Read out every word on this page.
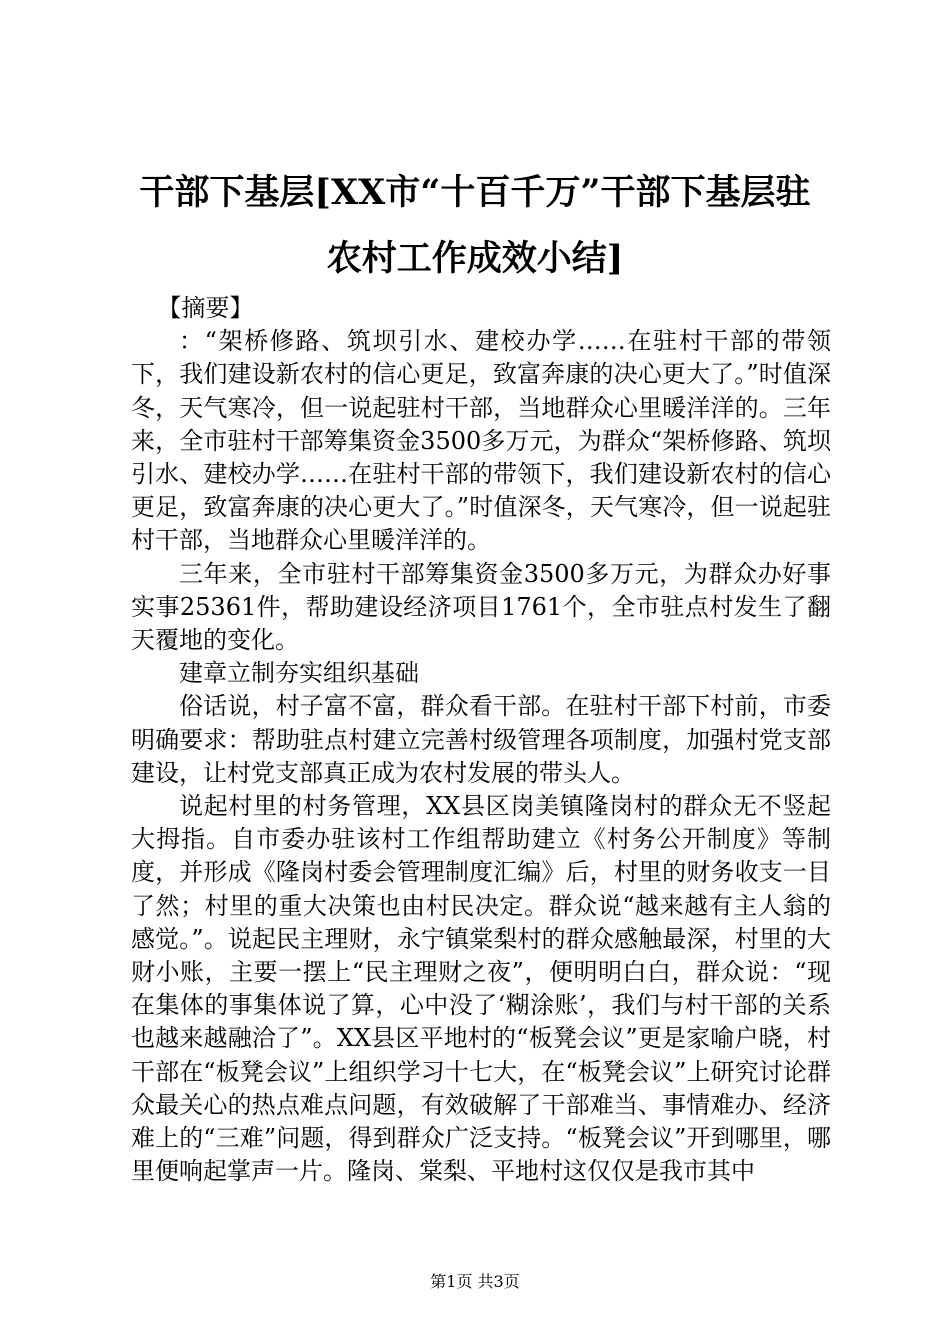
干部下基层[XX市“十百千万”干部下基层驻
农村工作成效小结]

【摘要】

：“架桥修路、筑坝引水、建校办学……在驻村干部的带领下，我们建设新农村的信心更足，致富奔康的决心更大了。”时值深冬，天气寒冷，但一说起驻村干部，当地群众心里暖洋洋的。三年来，全市驻村干部筹集资金3500多万元，为群众“架桥修路、筑坝引水、建校办学……在驻村干部的带领下，我们建设新农村的信心更足，致富奔康的决心更大了。”时值深冬，天气寒冷，但一说起驻村干部，当地群众心里暖洋洋的。

三年来，全市驻村干部筹集资金3500多万元，为群众办好事实事25361件，帮助建设经济项目1761个，全市驻点村发生了翻天覆地的变化。

建章立制夯实组织基础

俗话说，村子富不富，群众看干部。在驻村干部下村前，市委明确要求：帮助驻点村建立完善村级管理各项制度，加强村党支部建设，让村党支部真正成为农村发展的带头人。

说起村里的村务管理，XX县区岗美镇隆岗村的群众无不竖起大拇指。自市委办驻该村工作组帮助建立《村务公开制度》等制度，并形成《隆岗村委会管理制度汇编》后，村里的财务收支一目了然；村里的重大决策也由村民决定。群众说“越来越有主人翁的感觉。”。说起民主理财，永宁镇棠梨村的群众感触最深，村里的大财小账，主要一摆上“民主理财之夜”，便明明白白，群众说：“现在集体的事集体说了算，心中没了‘糊涂账’，我们与村干部的关系也越来越融洽了”。XX县区平地村的“板凳会议”更是家喻户晓，村干部在“板凳会议”上组织学习十七大，在“板凳会议”上研究讨论群众最关心的热点难点问题，有效破解了干部难当、事情难办、经济难上的“三难”问题，得到群众广泛支持。“板凳会议”开到哪里，哪里便响起掌声一片。隆岗、棠梨、平地村这仅仅是我市其中

第1页 共3页
